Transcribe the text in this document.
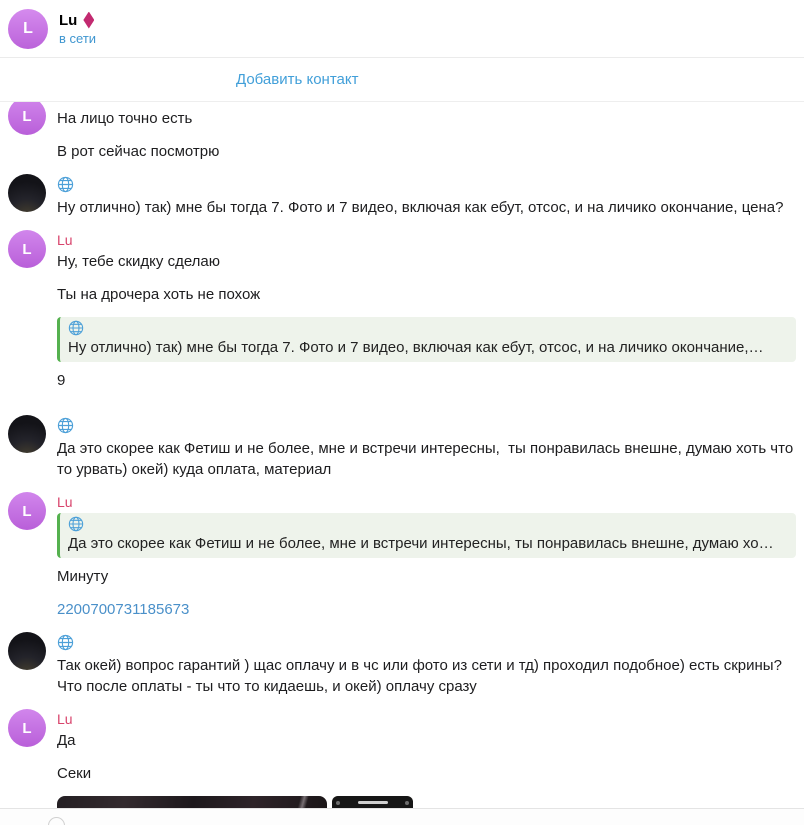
L Lu
в сети
Добавить контакт
L На лицо точно есть
В рот сейчас посмотрю
Ну отлично) так) мне бы тогда 7. Фото и 7 видео, включая как ебут, отсос, и на личико окончание, цена?
L
Lu
Ну, тебе скидку сделаю
Ты на дрочера хоть не похож
Ну отлично) так) мне бы тогда 7. Фото и 7 видео, включая как ебут, отсос, и на личико окончание,…
9
Да это скорее как Фетиш и не более, мне и встречи интересны,  ты понравилась внешне, думаю хоть что то урвать) окей) куда оплата, материал
L
Lu
Да это скорее как Фетиш и не более, мне и встречи интересны, ты понравилась внешне, думаю хо…
Минуту
2200700731185673
Так окей) вопрос гарантий ) щас оплачу и в чс или фото из сети и тд) проходил подобное) есть скрины? Что после оплаты - ты что то кидаешь, и окей) оплачу сразу
L
Lu
Да
Секи
